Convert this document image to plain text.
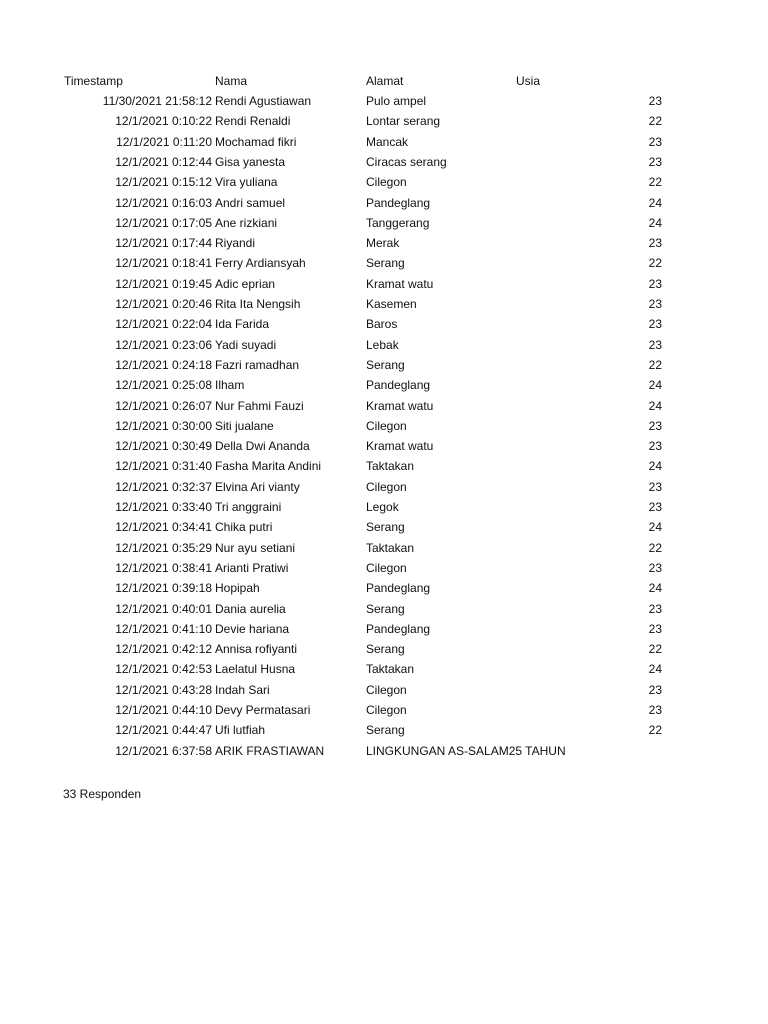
Timestamp	Nama	Alamat	Usia
11/30/2021 21:58:12 Rendi Agustiawan	Pulo ampel	23
12/1/2021 0:10:22 Rendi Renaldi	Lontar serang	22
12/1/2021 0:11:20 Mochamad fikri	Mancak	23
12/1/2021 0:12:44 Gisa yanesta	Ciracas serang	23
12/1/2021 0:15:12 Vira yuliana	Cilegon	22
12/1/2021 0:16:03 Andri samuel	Pandeglang	24
12/1/2021 0:17:05 Ane rizkiani	Tanggerang	24
12/1/2021 0:17:44 Riyandi	Merak	23
12/1/2021 0:18:41 Ferry Ardiansyah	Serang	22
12/1/2021 0:19:45 Adic eprian	Kramat watu	23
12/1/2021 0:20:46 Rita Ita Nengsih	Kasemen	23
12/1/2021 0:22:04 Ida Farida	Baros	23
12/1/2021 0:23:06 Yadi suyadi	Lebak	23
12/1/2021 0:24:18 Fazri ramadhan	Serang	22
12/1/2021 0:25:08 Ilham	Pandeglang	24
12/1/2021 0:26:07 Nur Fahmi Fauzi	Kramat watu	24
12/1/2021 0:30:00 Siti jualane	Cilegon	23
12/1/2021 0:30:49 Della Dwi Ananda	Kramat watu	23
12/1/2021 0:31:40 Fasha Marita Andini	Taktakan	24
12/1/2021 0:32:37 Elvina Ari vianty	Cilegon	23
12/1/2021 0:33:40 Tri anggraini	Legok	23
12/1/2021 0:34:41 Chika putri	Serang	24
12/1/2021 0:35:29 Nur ayu setiani	Taktakan	22
12/1/2021 0:38:41 Arianti Pratiwi	Cilegon	23
12/1/2021 0:39:18 Hopipah	Pandeglang	24
12/1/2021 0:40:01 Dania aurelia	Serang	23
12/1/2021 0:41:10 Devie hariana	Pandeglang	23
12/1/2021 0:42:12 Annisa rofiyanti	Serang	22
12/1/2021 0:42:53 Laelatul Husna	Taktakan	24
12/1/2021 0:43:28 Indah Sari	Cilegon	23
12/1/2021 0:44:10 Devy Permatasari	Cilegon	23
12/1/2021 0:44:47 Ufi lutfiah	Serang	22
12/1/2021 6:37:58 ARIK FRASTIAWAN	LINGKUNGAN AS-SALAM25 TAHUN
33 Responden
